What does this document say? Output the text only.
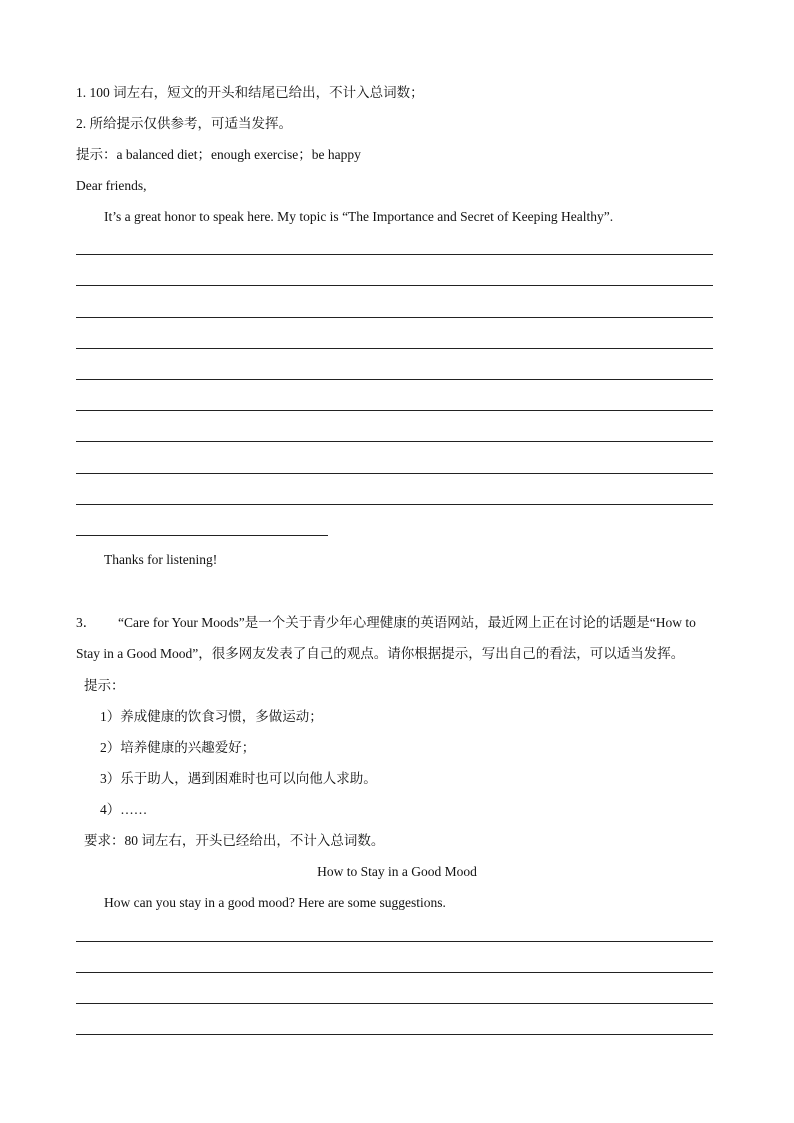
1. 100 词左右，短文的开头和结尾已给出，不计入总词数；
2. 所给提示仅供参考，可适当发挥。
提示：a balanced diet；enough exercise；be happy
Dear friends,
It’s a great honor to speak here. My topic is “The Importance and Secret of Keeping Healthy”.
Thanks for listening!
3． “Care for Your Moods”是一个关于青少年心理健康的英语网站，最近网上正在讨论的话题是“How to
Stay in a Good Mood”，很多网友发表了自己的观点。请你根据提示，写出自己的看法，可以适当发挥。
提示：
1）养成健康的饮食习惯，多做运动；
2）培养健康的兴趣爱好；
3）乐于助人，遇到困难时也可以向他人求助。
4）……
要求：80 词左右，开头已经给出，不计入总词数。
How to Stay in a Good Mood
How can you stay in a good mood? Here are some suggestions.
